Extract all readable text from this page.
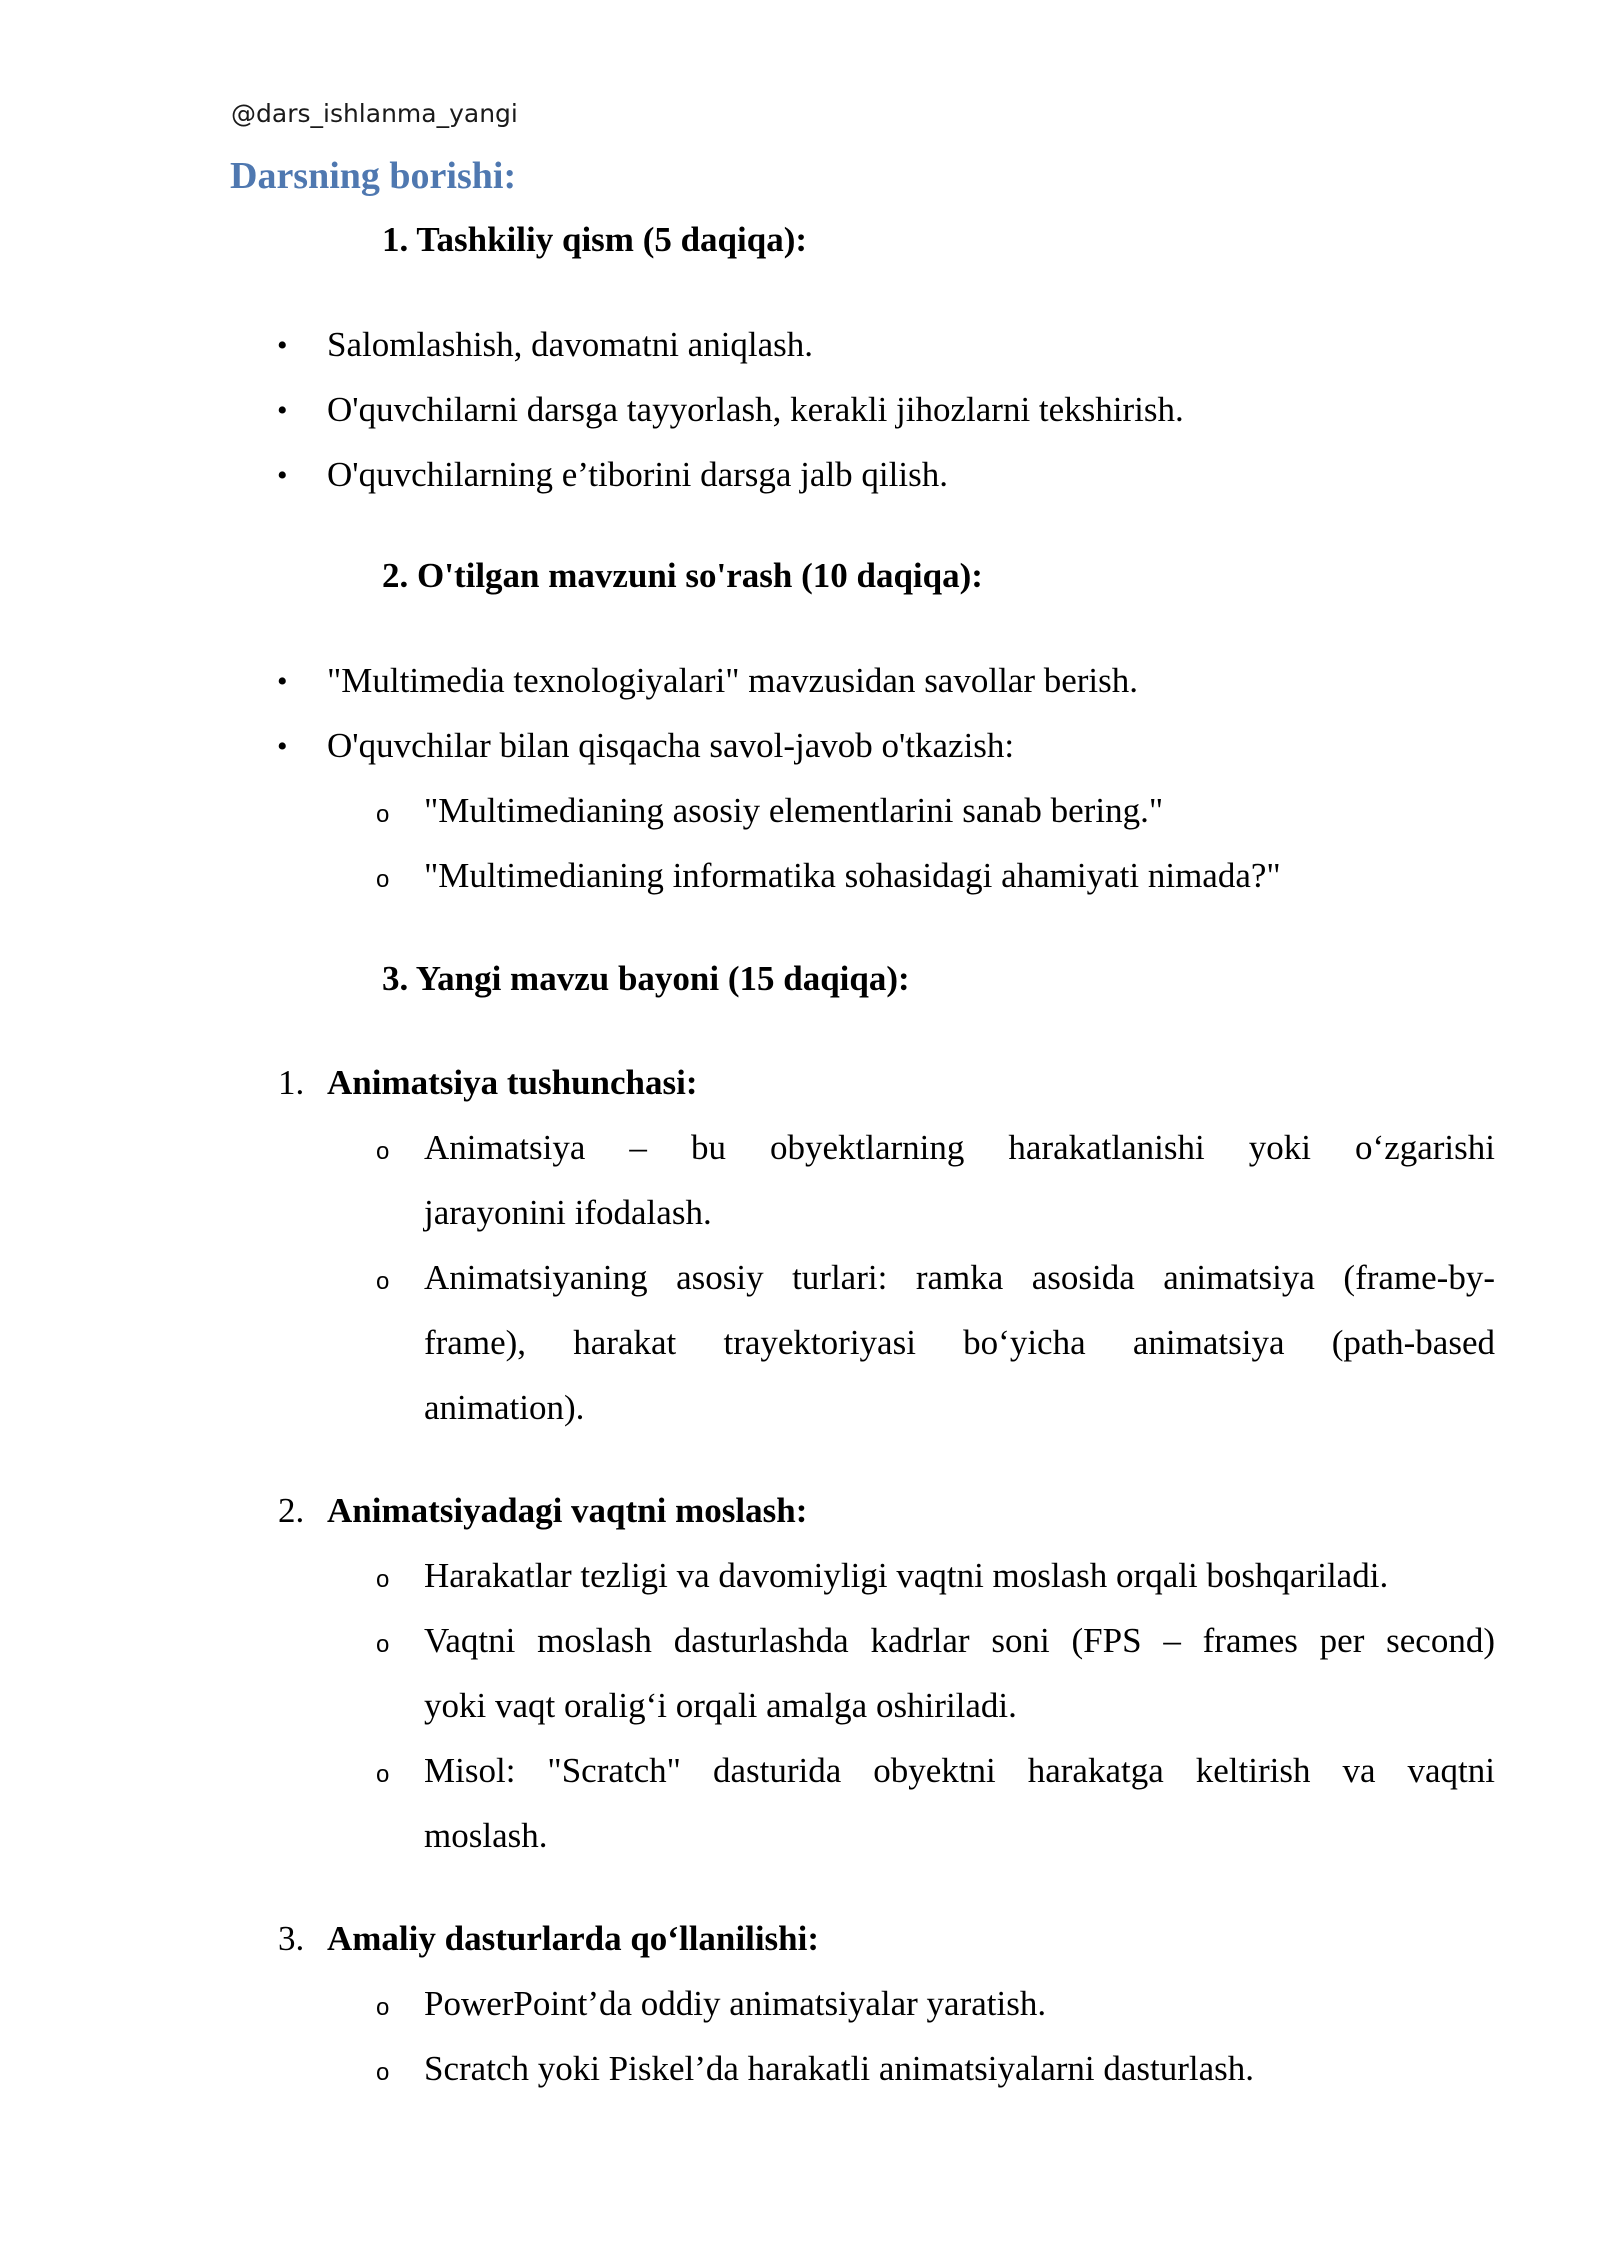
@dars_ishlanma_yangi
Darsning borishi:
1. Tashkiliy qism (5 daqiqa):
• Salomlashish, davomatni aniqlash.
• O'quvchilarni darsga tayyorlash, kerakli jihozlarni tekshirish.
• O'quvchilarning e’tiborini darsga jalb qilish.
2. O'tilgan mavzuni so'rash (10 daqiqa):
• "Multimedia texnologiyalari" mavzusidan savollar berish.
• O'quvchilar bilan qisqacha savol-javob o'tkazish:
o "Multimedianing asosiy elementlarini sanab bering."
o "Multimedianing informatika sohasidagi ahamiyati nimada?"
3. Yangi mavzu bayoni (15 daqiqa):
1. Animatsiya tushunchasi:
o Animatsiya – bu obyektlarning harakatlanishi yoki o‘zgarishi
jarayonini ifodalash.
o Animatsiyaning asosiy turlari: ramka asosida animatsiya (frame-by-
frame), harakat trayektoriyasi bo‘yicha animatsiya (path-based
animation).
2. Animatsiyadagi vaqtni moslash:
o Harakatlar tezligi va davomiyligi vaqtni moslash orqali boshqariladi.
o Vaqtni moslash dasturlashda kadrlar soni (FPS – frames per second)
yoki vaqt oralig‘i orqali amalga oshiriladi.
o Misol: "Scratch" dasturida obyektni harakatga keltirish va vaqtni
moslash.
3. Amaliy dasturlarda qo‘llanilishi:
o PowerPoint’da oddiy animatsiyalar yaratish.
o Scratch yoki Piskel’da harakatli animatsiyalarni dasturlash.
